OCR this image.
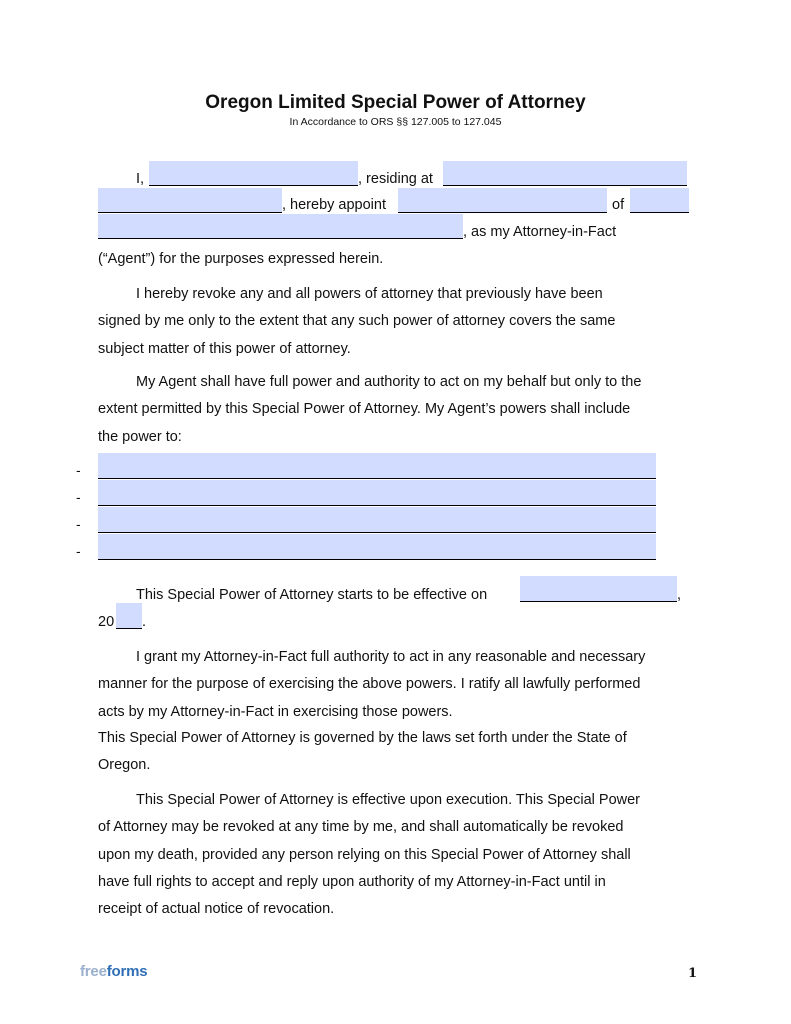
Oregon Limited Special Power of Attorney
In Accordance to ORS §§ 127.005 to 127.045
I,	, residing at
, hereby appoint	of
, as my Attorney-in-Fact
(“Agent”) for the purposes expressed herein.
I hereby revoke any and all powers of attorney that previously have been
signed by me only to the extent that any such power of attorney covers the same
subject matter of this power of attorney.
My Agent shall have full power and authority to act on my behalf but only to the
extent permitted by this Special Power of Attorney. My Agent’s powers shall include
the power to:
-
-
-
-
This Special Power of Attorney starts to be effective on	,
20 .
I grant my Attorney-in-Fact full authority to act in any reasonable and necessary
manner for the purpose of exercising the above powers. I ratify all lawfully performed
acts by my Attorney-in-Fact in exercising those powers.
This Special Power of Attorney is governed by the laws set forth under the State of
Oregon.
This Special Power of Attorney is effective upon execution. This Special Power
of Attorney may be revoked at any time by me, and shall automatically be revoked
upon my death, provided any person relying on this Special Power of Attorney shall
have full rights to accept and reply upon authority of my Attorney-in-Fact until in
receipt of actual notice of revocation.
freeforms	1
